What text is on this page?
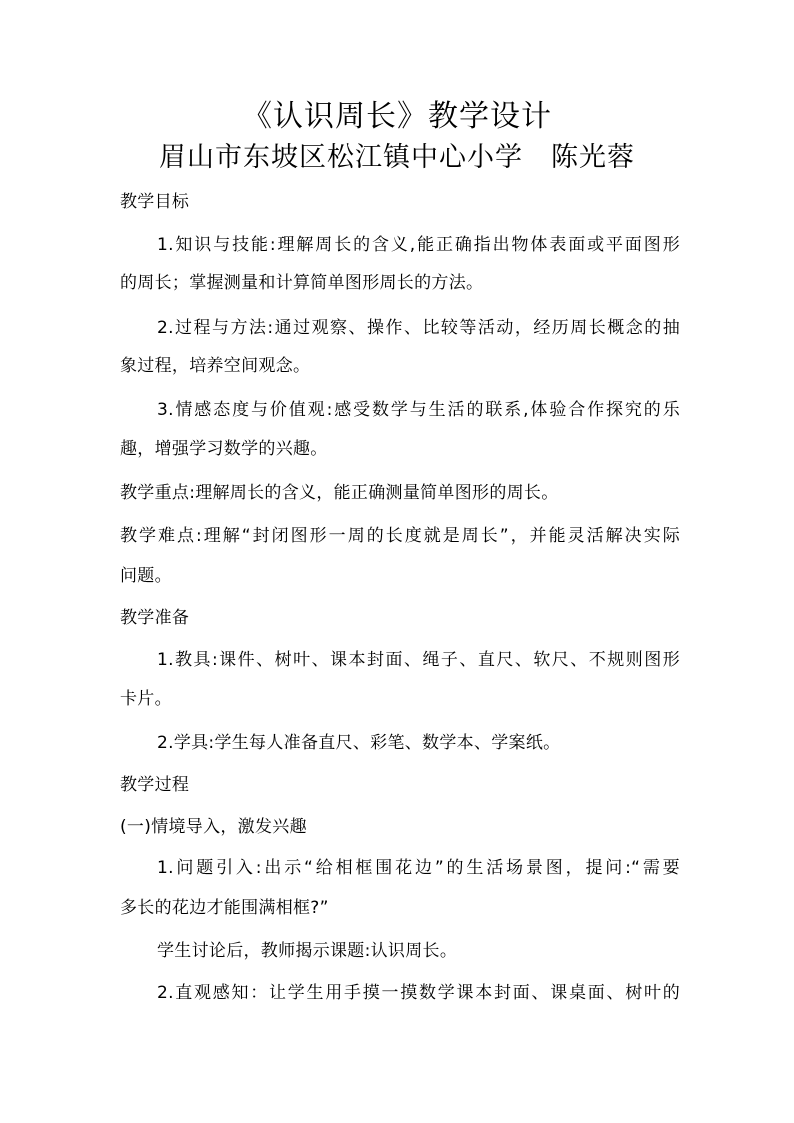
《认识周长》教学设计
眉山市东坡区松江镇中心小学 陈光蓉
教学目标
1.知识与技能:理解周长的含义,能正确指出物体表面或平面图形
的周长；掌握测量和计算简单图形周长的方法。
2.过程与方法:通过观察、操作、比较等活动，经历周长概念的抽
象过程，培养空间观念。
3.情感态度与价值观:感受数学与生活的联系,体验合作探究的乐
趣，增强学习数学的兴趣。
教学重点:理解周长的含义，能正确测量简单图形的周长。
教学难点:理解“封闭图形一周的长度就是周长”，并能灵活解决实际
问题。
教学准备
1.教具:课件、树叶、课本封面、绳子、直尺、软尺、不规则图形
卡片。
2.学具:学生每人准备直尺、彩笔、数学本、学案纸。
教学过程
(一)情境导入，激发兴趣
1.问题引入:出示“给相框围花边”的生活场景图，提问:“需要
多长的花边才能围满相框?”
学生讨论后，教师揭示课题:认识周长。
2.直观感知：让学生用手摸一摸数学课本封面、课桌面、树叶的
